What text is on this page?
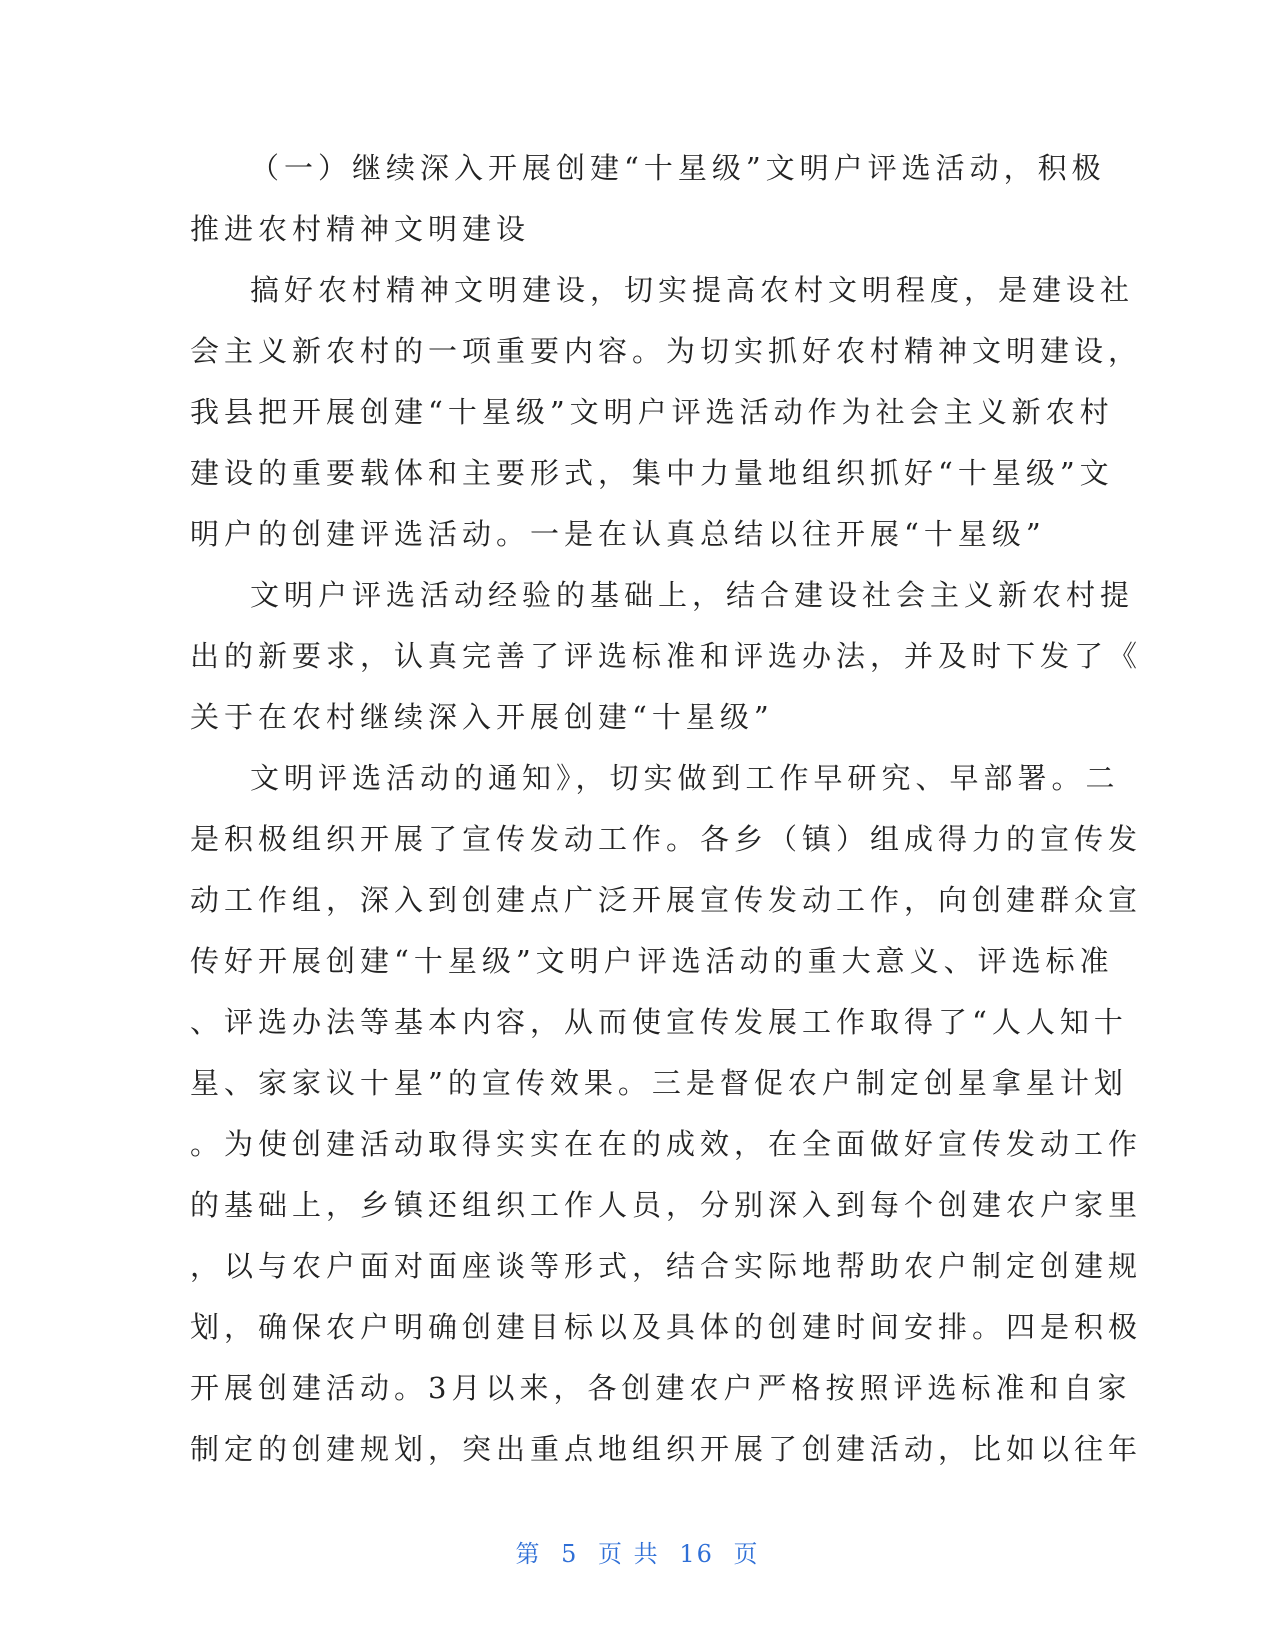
（一）继续深入开展创建“十星级”文明户评选活动，积极
推进农村精神文明建设
搞好农村精神文明建设，切实提高农村文明程度，是建设社
会主义新农村的一项重要内容。为切实抓好农村精神文明建设，
我县把开展创建“十星级”文明户评选活动作为社会主义新农村
建设的重要载体和主要形式，集中力量地组织抓好“十星级”文
明户的创建评选活动。一是在认真总结以往开展“十星级”
文明户评选活动经验的基础上，结合建设社会主义新农村提
出的新要求，认真完善了评选标准和评选办法，并及时下发了《
关于在农村继续深入开展创建“十星级”
文明评选活动的通知》，切实做到工作早研究、早部署。二
是积极组织开展了宣传发动工作。各乡（镇）组成得力的宣传发
动工作组，深入到创建点广泛开展宣传发动工作，向创建群众宣
传好开展创建“十星级”文明户评选活动的重大意义、评选标准
、评选办法等基本内容，从而使宣传发展工作取得了“人人知十
星、家家议十星”的宣传效果。三是督促农户制定创星拿星计划
。为使创建活动取得实实在在的成效，在全面做好宣传发动工作
的基础上，乡镇还组织工作人员，分别深入到每个创建农户家里
，以与农户面对面座谈等形式，结合实际地帮助农户制定创建规
划，确保农户明确创建目标以及具体的创建时间安排。四是积极
开展创建活动。3月以来，各创建农户严格按照评选标准和自家
制定的创建规划，突出重点地组织开展了创建活动，比如以往年
第 5 页 共 16 页
